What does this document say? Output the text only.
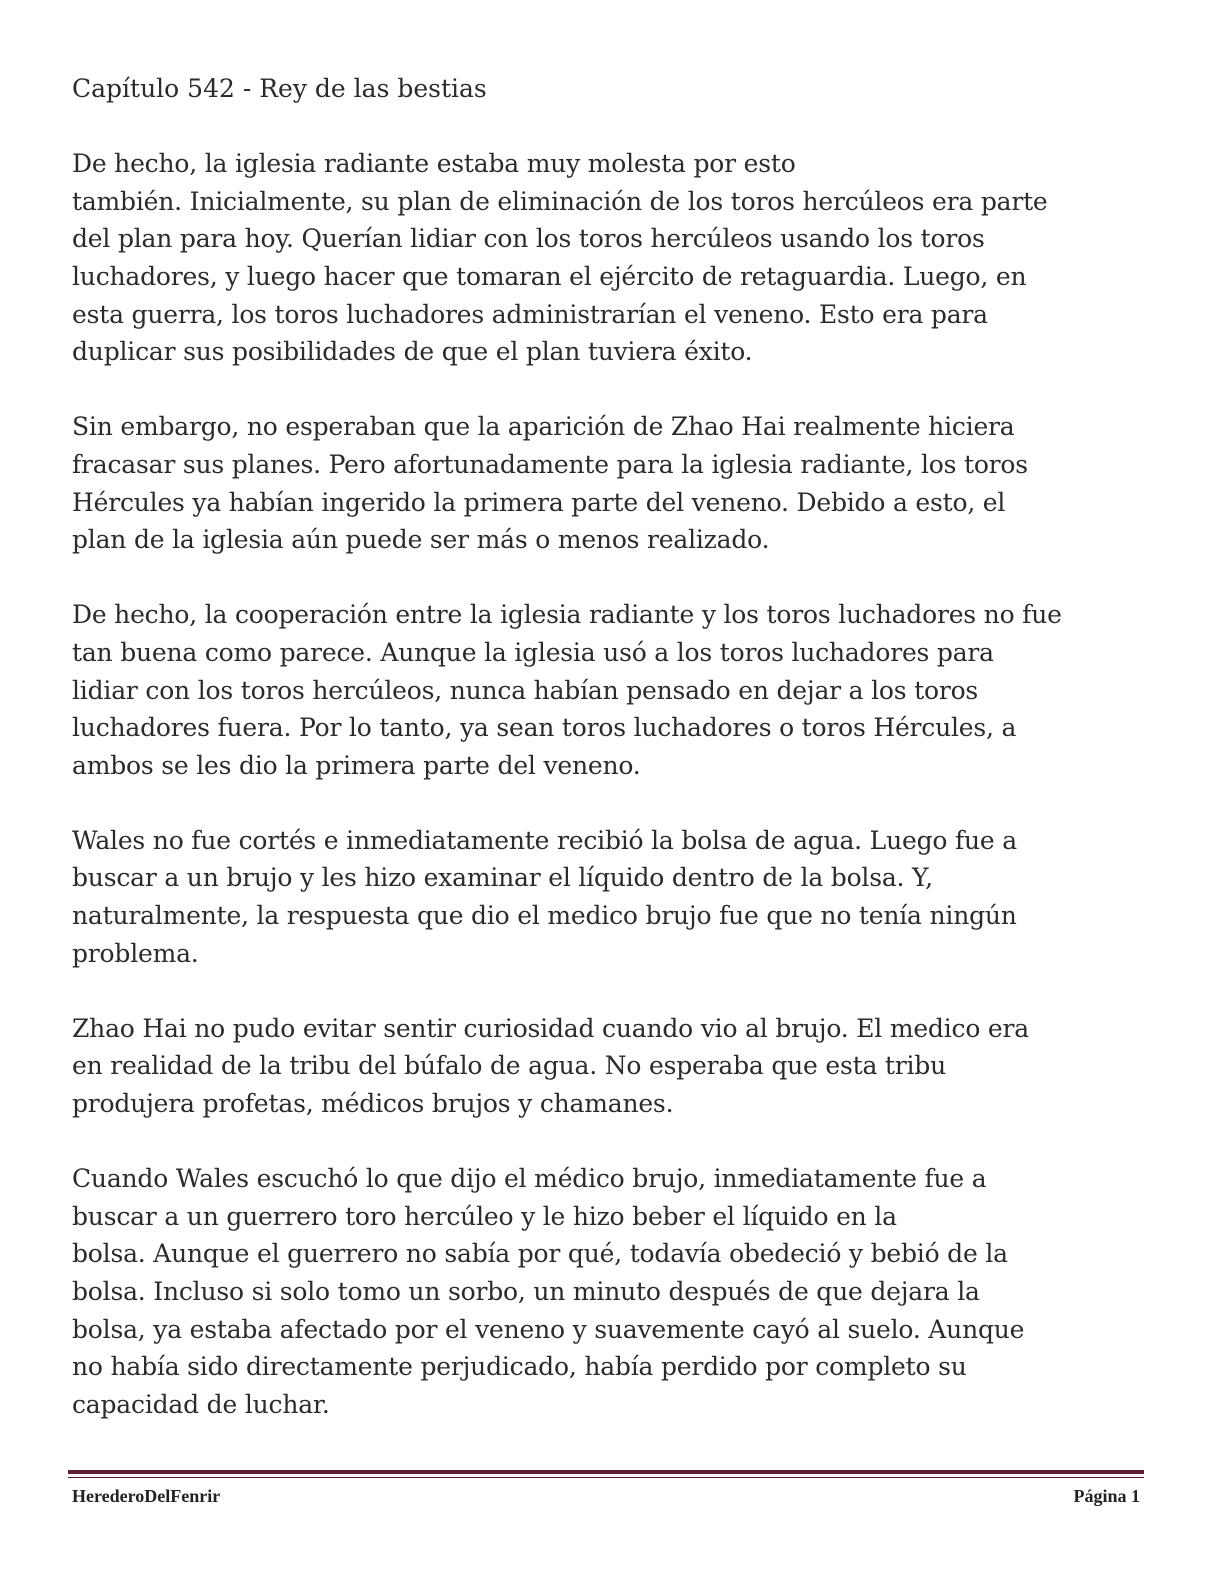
Capítulo 542 - Rey de las bestias
De hecho, la iglesia radiante estaba muy molesta por esto
también. Inicialmente, su plan de eliminación de los toros hercúleos era parte
del plan para hoy. Querían lidiar con los toros hercúleos usando los toros
luchadores, y luego hacer que tomaran el ejército de retaguardia. Luego, en
esta guerra, los toros luchadores administrarían el veneno. Esto era para
duplicar sus posibilidades de que el plan tuviera éxito.
Sin embargo, no esperaban que la aparición de Zhao Hai realmente hiciera
fracasar sus planes. Pero afortunadamente para la iglesia radiante, los toros
Hércules ya habían ingerido la primera parte del veneno. Debido a esto, el
plan de la iglesia aún puede ser más o menos realizado.
De hecho, la cooperación entre la iglesia radiante y los toros luchadores no fue
tan buena como parece. Aunque la iglesia usó a los toros luchadores para
lidiar con los toros hercúleos, nunca habían pensado en dejar a los toros
luchadores fuera. Por lo tanto, ya sean toros luchadores o toros Hércules, a
ambos se les dio la primera parte del veneno.
Wales no fue cortés e inmediatamente recibió la bolsa de agua. Luego fue a
buscar a un brujo y les hizo examinar el líquido dentro de la bolsa. Y,
naturalmente, la respuesta que dio el medico brujo fue que no tenía ningún
problema.
Zhao Hai no pudo evitar sentir curiosidad cuando vio al brujo. El medico era
en realidad de la tribu del búfalo de agua. No esperaba que esta tribu
produjera profetas, médicos brujos y chamanes.
Cuando Wales escuchó lo que dijo el médico brujo, inmediatamente fue a
buscar a un guerrero toro hercúleo y le hizo beber el líquido en la
bolsa. Aunque el guerrero no sabía por qué, todavía obedeció y bebió de la
bolsa. Incluso si solo tomo un sorbo, un minuto después de que dejara la
bolsa, ya estaba afectado por el veneno y suavemente cayó al suelo. Aunque
no había sido directamente perjudicado, había perdido por completo su
capacidad de luchar.
HerederoDelFenrir	Página 1
